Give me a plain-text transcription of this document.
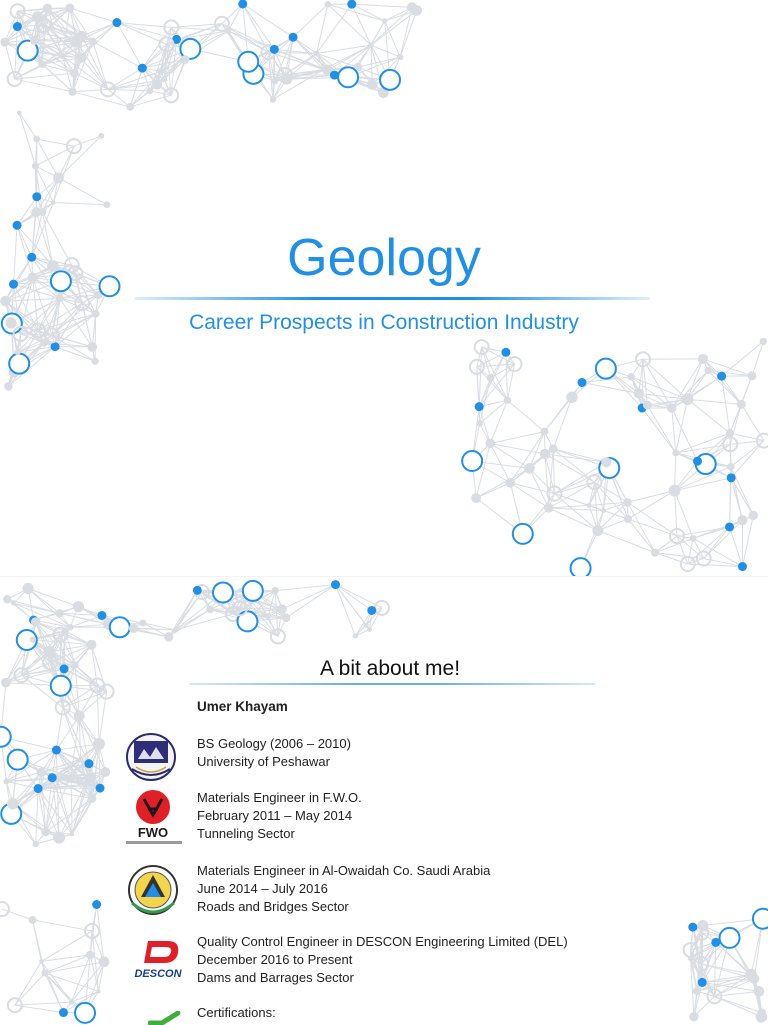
Geology
Career Prospects in Construction Industry
A bit about me!
Umer Khayam
BS Geology (2006 – 2010)
University of Peshawar
FWO
Materials Engineer in F.W.O.
February 2011 – May 2014
Tunneling Sector
Materials Engineer in Al-Owaidah Co. Saudi Arabia
June 2014 – July 2016
Roads and Bridges Sector
DESCON
Quality Control Engineer in DESCON Engineering Limited (DEL)
December 2016 to Present
Dams and Barrages Sector
Certifications:
